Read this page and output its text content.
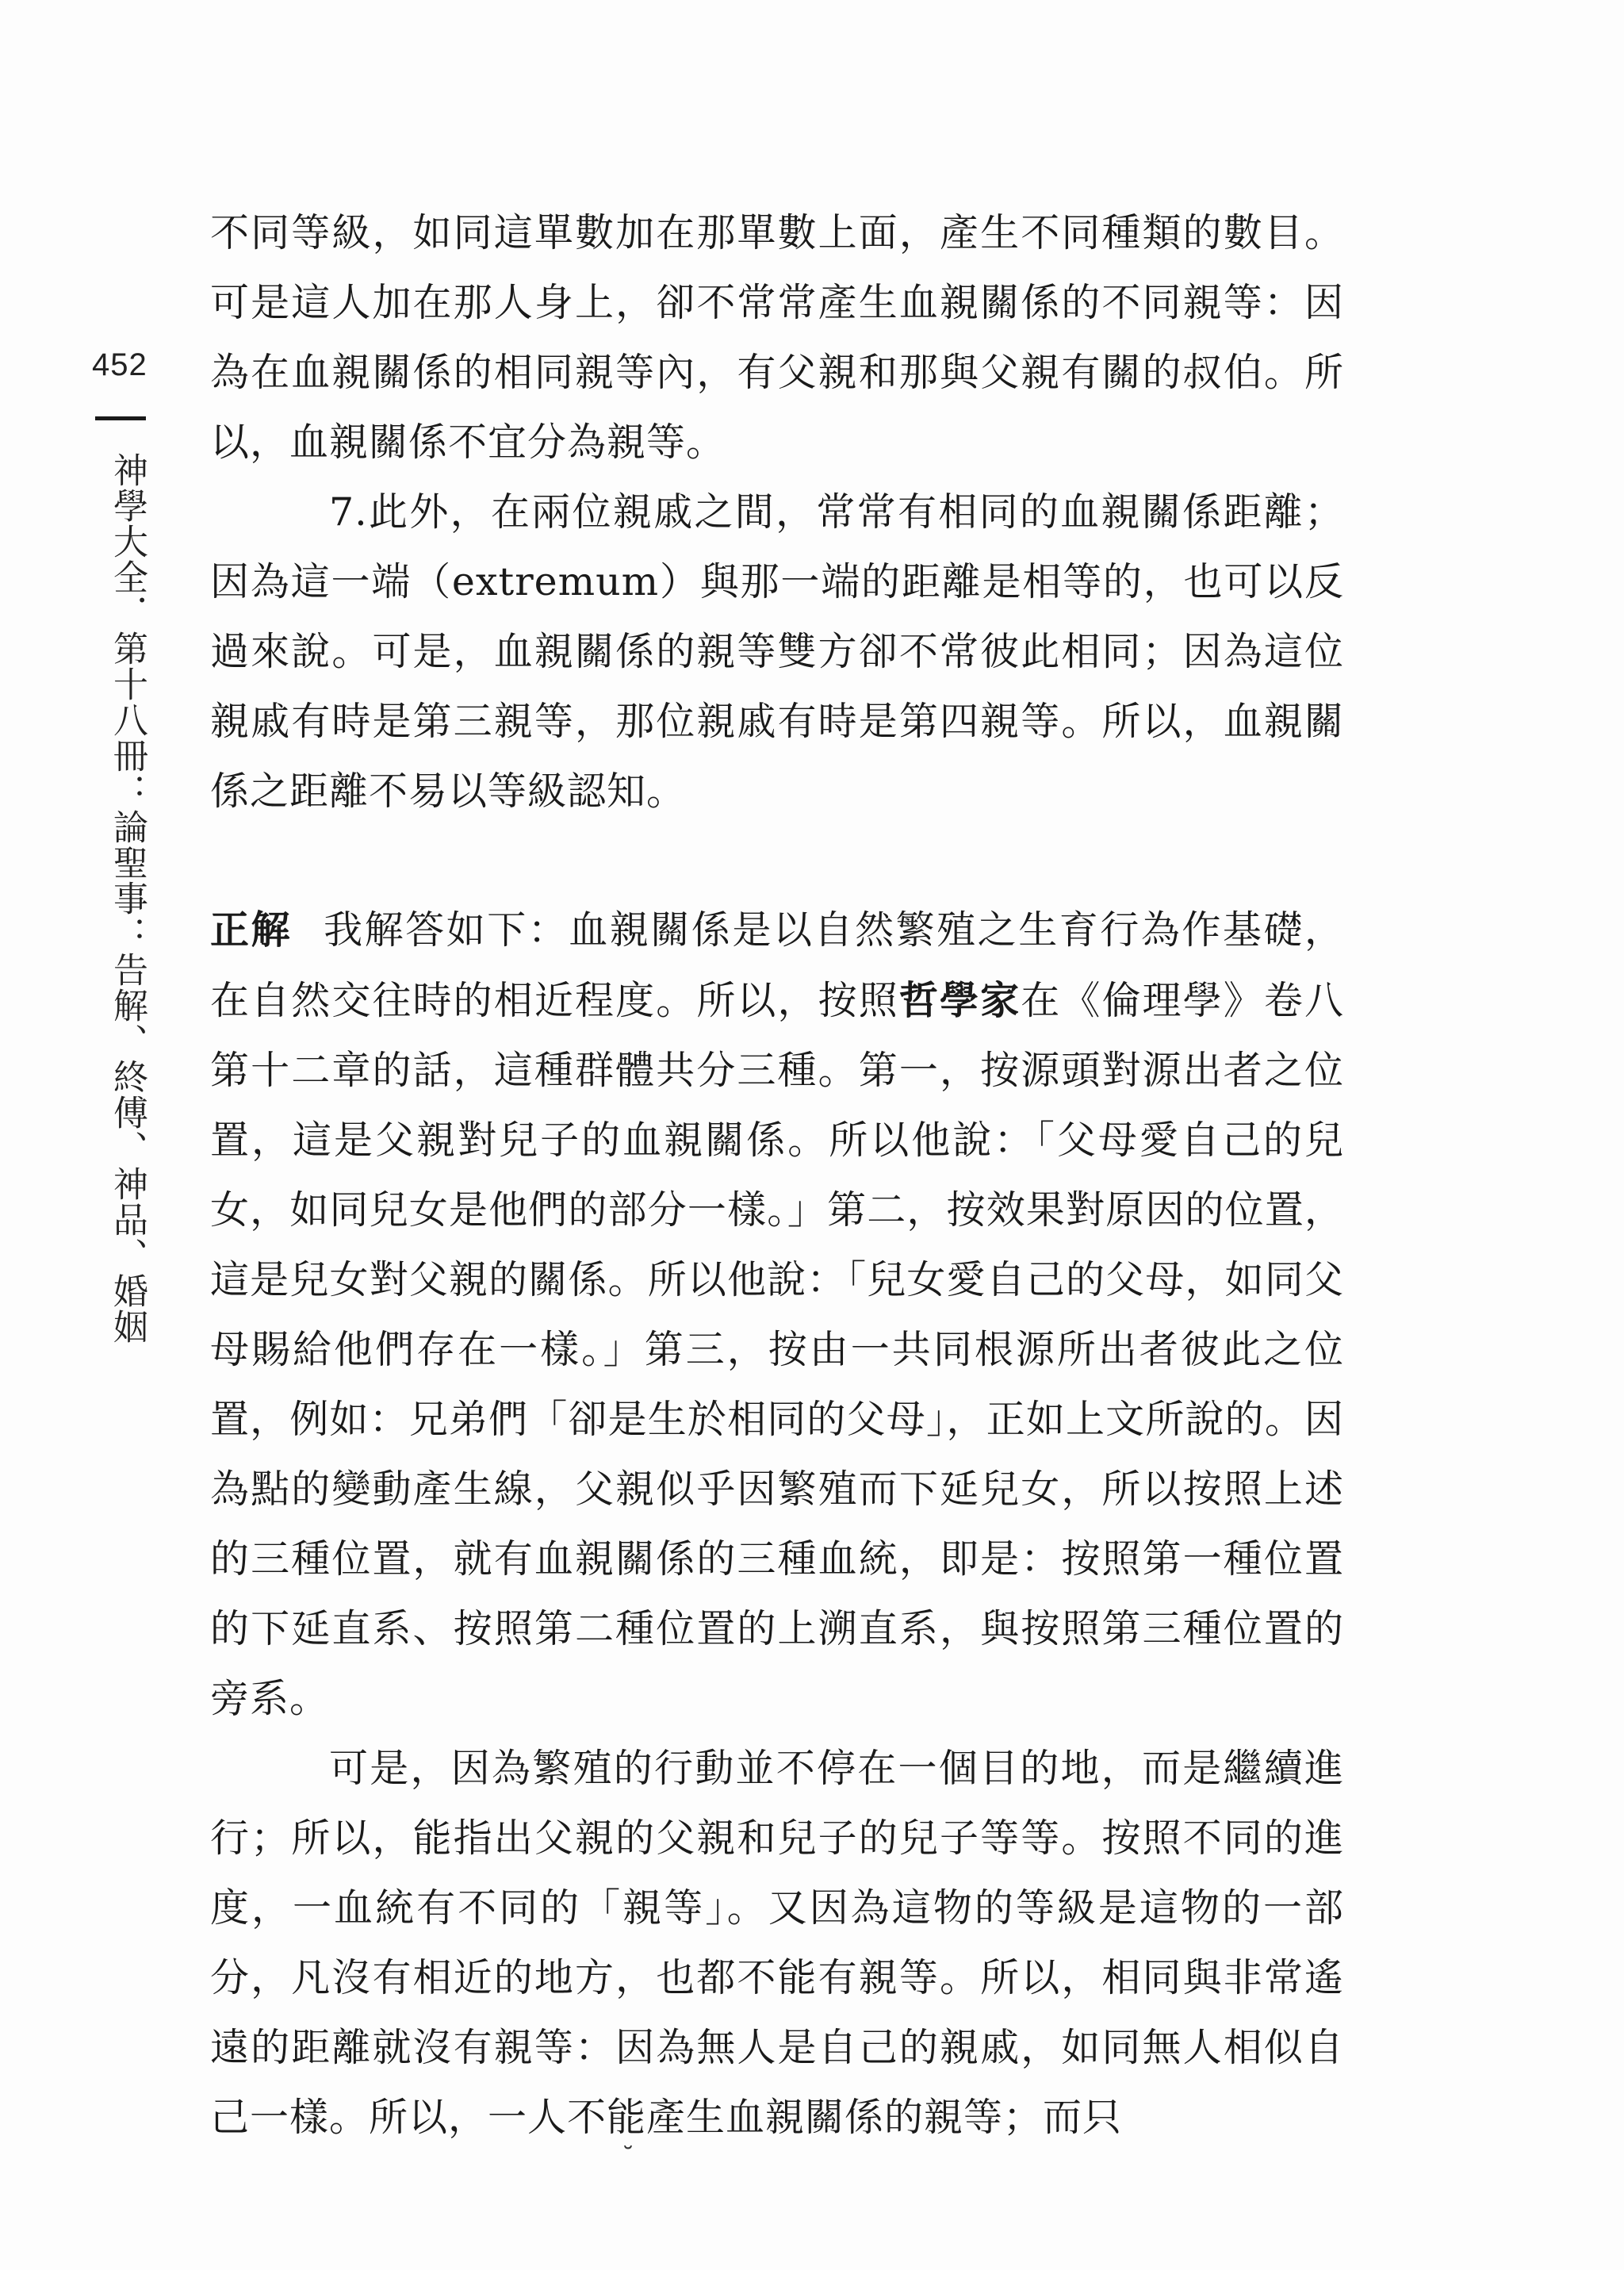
452
神學大全．第十八冊：論聖事：告解、終傅、神品、婚姻

不同等級，如同這單數加在那單數上面，產生不同種類的數目。可是這人加在那人身上，卻不常常產生血親關係的不同親等：因為在血親關係的相同親等內，有父親和那與父親有關的叔伯。所以，血親關係不宜分為親等。

7.此外，在兩位親戚之間，常常有相同的血親關係距離；因為這一端（extremum）與那一端的距離是相等的，也可以反過來說。可是，血親關係的親等雙方卻不常彼此相同；因為這位親戚有時是第三親等，那位親戚有時是第四親等。所以，血親關係之距離不易以等級認知。

正解 我解答如下：血親關係是以自然繁殖之生育行為作基礎，在自然交往時的相近程度。所以，按照哲學家在《倫理學》卷八第十二章的話，這種群體共分三種。第一，按源頭對源出者之位置，這是父親對兒子的血親關係。所以他說：「父母愛自己的兒女，如同兒女是他們的部分一樣。」第二，按效果對原因的位置，這是兒女對父親的關係。所以他說：「兒女愛自己的父母，如同父母賜給他們存在一樣。」第三，按由一共同根源所出者彼此之位置，例如：兄弟們「卻是生於相同的父母」，正如上文所說的。因為點的變動產生線，父親似乎因繁殖而下延兒女，所以按照上述的三種位置，就有血親關係的三種血統，即是：按照第一種位置的下延直系、按照第二種位置的上溯直系，與按照第三種位置的旁系。

可是，因為繁殖的行動並不停在一個目的地，而是繼續進行；所以，能指出父親的父親和兒子的兒子等等。按照不同的進度，一血統有不同的「親等」。又因為這物的等級是這物的一部分，凡沒有相近的地方，也都不能有親等。所以，相同與非常遙遠的距離就沒有親等：因為無人是自己的親戚，如同無人相似自己一樣。所以，一人不能產生血親關係的親等；而只

˘
